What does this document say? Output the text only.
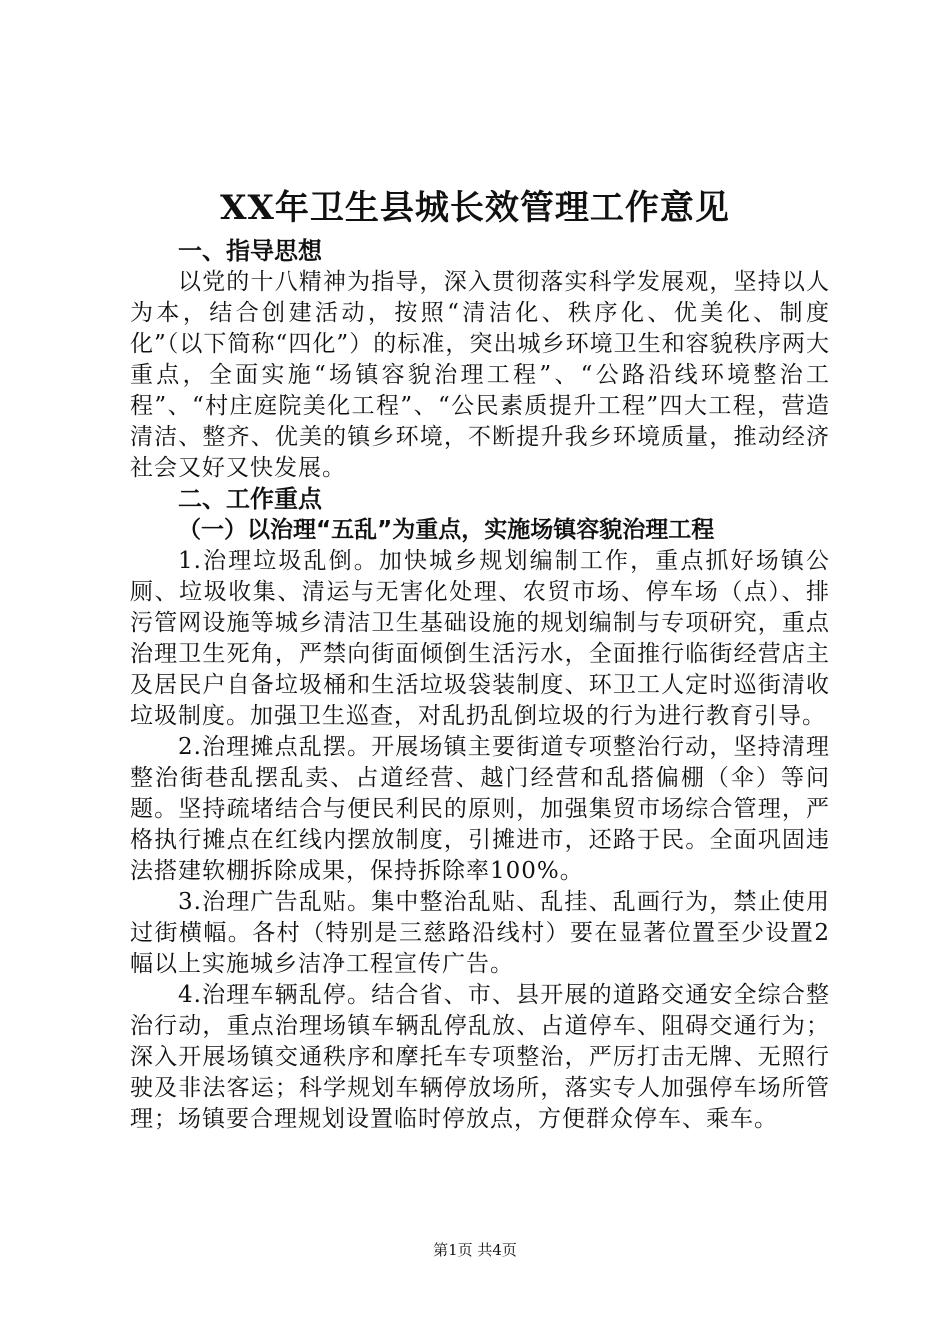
XX年卫生县城长效管理工作意见
一、指导思想
以党的十八精神为指导，深入贯彻落实科学发展观，坚持以人为本，结合创建活动，按照“清洁化、秩序化、优美化、制度化”（以下简称“四化”）的标准，突出城乡环境卫生和容貌秩序两大重点，全面实施“场镇容貌治理工程”、“公路沿线环境整治工程”、“村庄庭院美化工程”、“公民素质提升工程”四大工程，营造清洁、整齐、优美的镇乡环境，不断提升我乡环境质量，推动经济社会又好又快发展。
二、工作重点
（一）以治理“五乱”为重点，实施场镇容貌治理工程
1.治理垃圾乱倒。加快城乡规划编制工作，重点抓好场镇公厕、垃圾收集、清运与无害化处理、农贸市场、停车场（点）、排污管网设施等城乡清洁卫生基础设施的规划编制与专项研究，重点治理卫生死角，严禁向街面倾倒生活污水，全面推行临街经营店主及居民户自备垃圾桶和生活垃圾袋装制度、环卫工人定时巡街清收垃圾制度。加强卫生巡查，对乱扔乱倒垃圾的行为进行教育引导。
2.治理摊点乱摆。开展场镇主要街道专项整治行动，坚持清理整治街巷乱摆乱卖、占道经营、越门经营和乱搭偏棚（伞）等问题。坚持疏堵结合与便民利民的原则，加强集贸市场综合管理，严格执行摊点在红线内摆放制度，引摊进市，还路于民。全面巩固违法搭建软棚拆除成果，保持拆除率100%。
3.治理广告乱贴。集中整治乱贴、乱挂、乱画行为，禁止使用过街横幅。各村（特别是三慈路沿线村）要在显著位置至少设置2幅以上实施城乡洁净工程宣传广告。
4.治理车辆乱停。结合省、市、县开展的道路交通安全综合整治行动，重点治理场镇车辆乱停乱放、占道停车、阻碍交通行为；深入开展场镇交通秩序和摩托车专项整治，严厉打击无牌、无照行驶及非法客运；科学规划车辆停放场所，落实专人加强停车场所管理；场镇要合理规划设置临时停放点，方便群众停车、乘车。
第1页 共4页
